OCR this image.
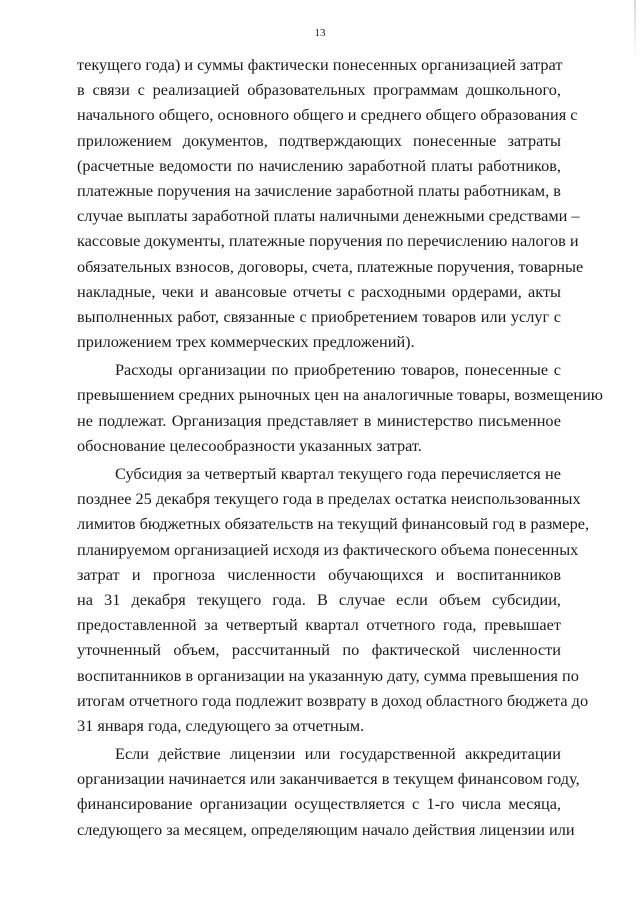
13
текущего года) и суммы фактически понесенных организацией затрат
в связи с реализацией образовательных программам дошкольного,
начального общего, основного общего и среднего общего образования с
приложением документов, подтверждающих понесенные затраты
(расчетные ведомости по начислению заработной платы работников,
платежные поручения на зачисление заработной платы работникам, в
случае выплаты заработной платы наличными денежными средствами –
кассовые документы, платежные поручения по перечислению налогов и
обязательных взносов, договоры, счета, платежные поручения, товарные
накладные, чеки и авансовые отчеты с расходными ордерами, акты
выполненных работ, связанные с приобретением товаров или услуг с
приложением трех коммерческих предложений).
Расходы организации по приобретению товаров, понесенные с
превышением средних рыночных цен на аналогичные товары, возмещению
не подлежат. Организация представляет в министерство письменное
обоснование целесообразности указанных затрат.
Субсидия за четвертый квартал текущего года перечисляется не
позднее 25 декабря текущего года в пределах остатка неиспользованных
лимитов бюджетных обязательств на текущий финансовый год в размере,
планируемом организацией исходя из фактического объема понесенных
затрат и прогноза численности обучающихся и воспитанников
на 31 декабря текущего года. В случае если объем субсидии,
предоставленной за четвертый квартал отчетного года, превышает
уточненный объем, рассчитанный по фактической численности
воспитанников в организации на указанную дату, сумма превышения по
итогам отчетного года подлежит возврату в доход областного бюджета до
31 января года, следующего за отчетным.
Если действие лицензии или государственной аккредитации
организации начинается или заканчивается в текущем финансовом году,
финансирование организации осуществляется с 1-го числа месяца,
следующего за месяцем, определяющим начало действия лицензии или
